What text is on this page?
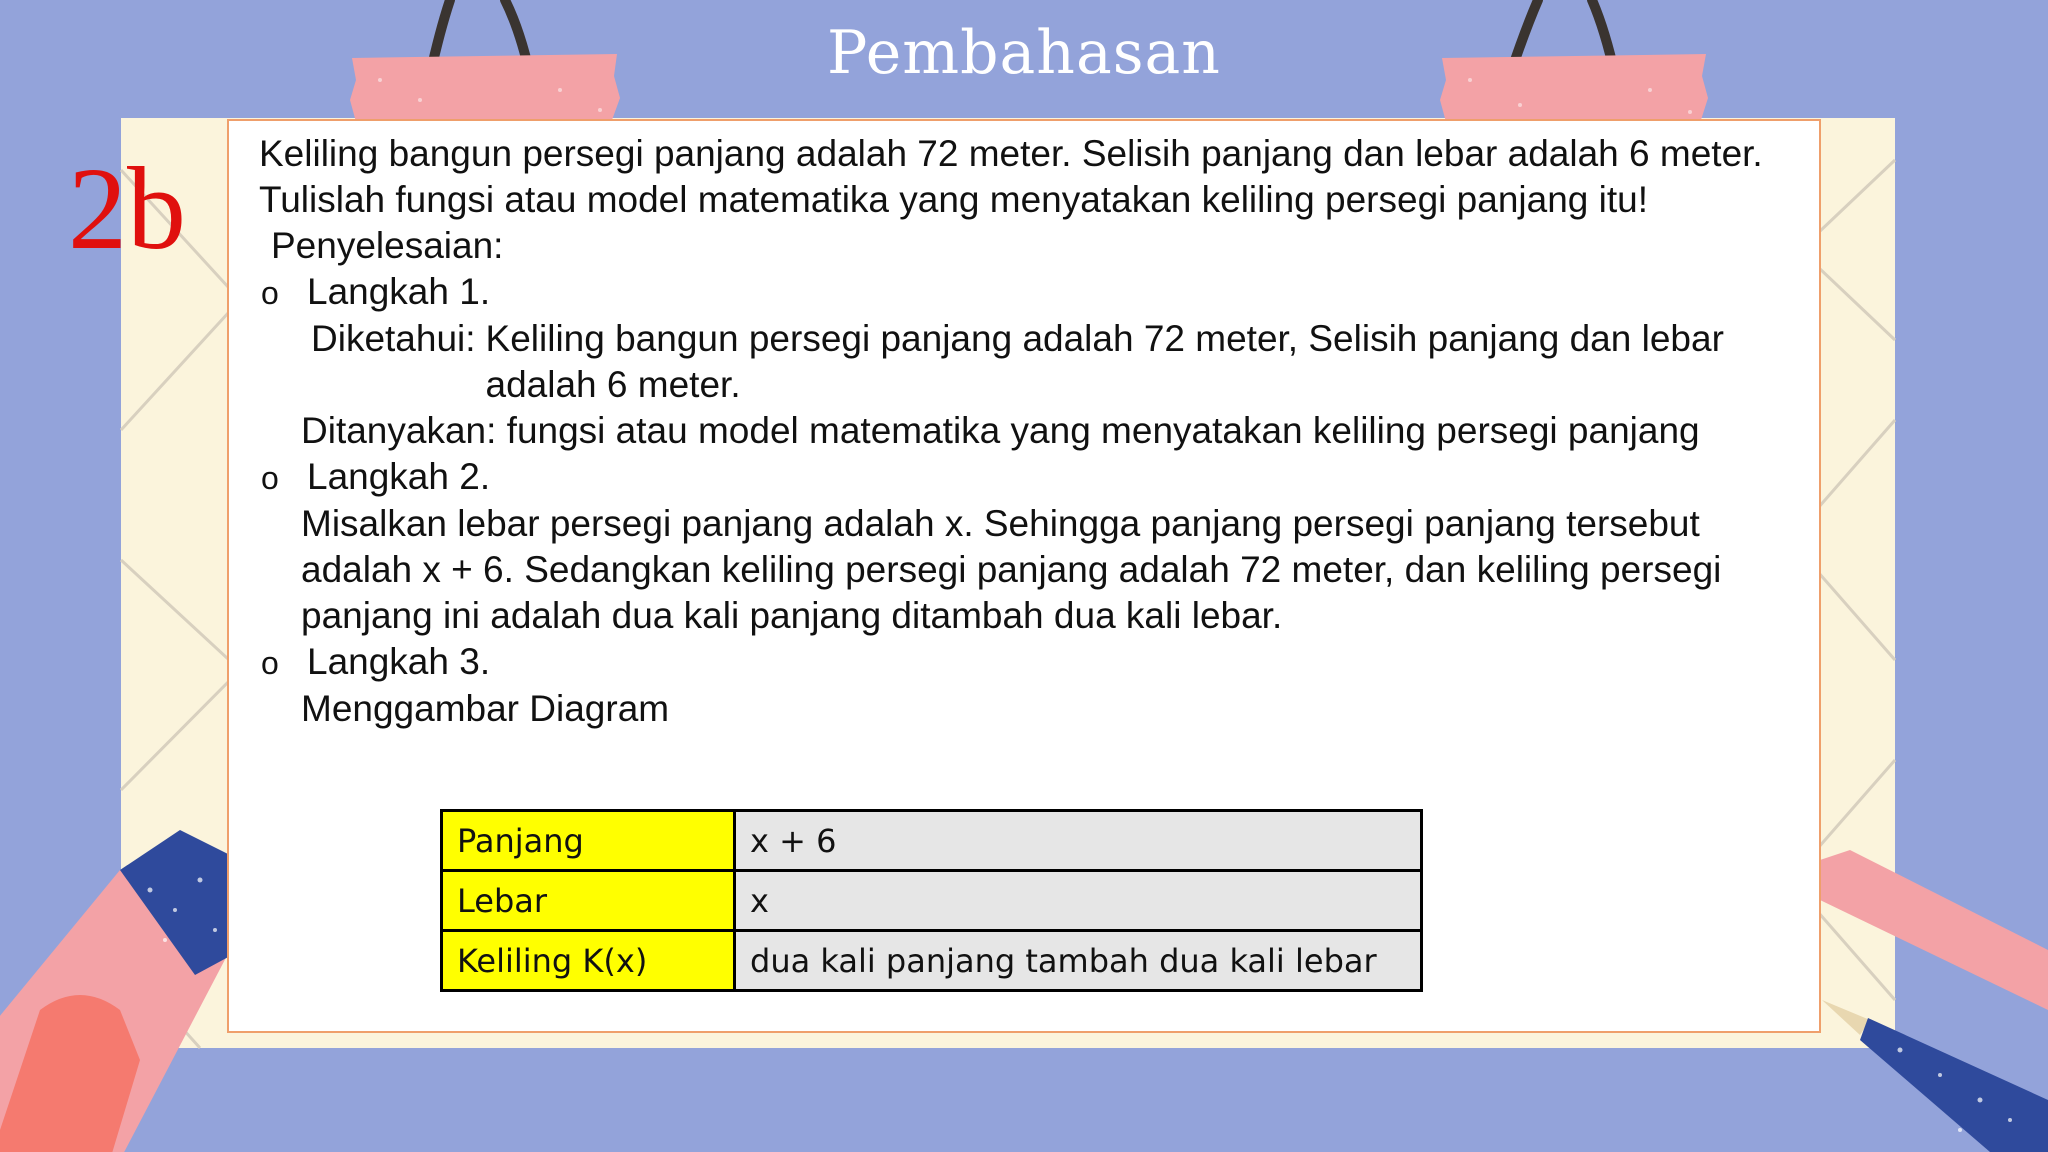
Pembahasan
2b Keliling bangun persegi panjang adalah 72 meter. Selisih panjang dan lebar adalah 6 meter. Tulislah fungsi atau model matematika yang menyatakan keliling persegi panjang itu!

Penyelesaian:

o Langkah 1.
Diketahui: Keliling bangun persegi panjang adalah 72 meter, Selisih panjang dan lebar adalah 6 meter.

Ditanyakan: fungsi atau model matematika yang menyatakan keliling persegi panjang

o Langkah 2.

Misalkan lebar persegi panjang adalah x. Sehingga panjang persegi panjang tersebut adalah x + 6. Sedangkan keliling persegi panjang adalah 72 meter, dan keliling persegi panjang ini adalah dua kali panjang ditambah dua kali lebar.

o Langkah 3.

Menggambar Diagram

Panjang	x + 6
Lebar	x
Keliling K(x)	dua kali panjang tambah dua kali lebar
